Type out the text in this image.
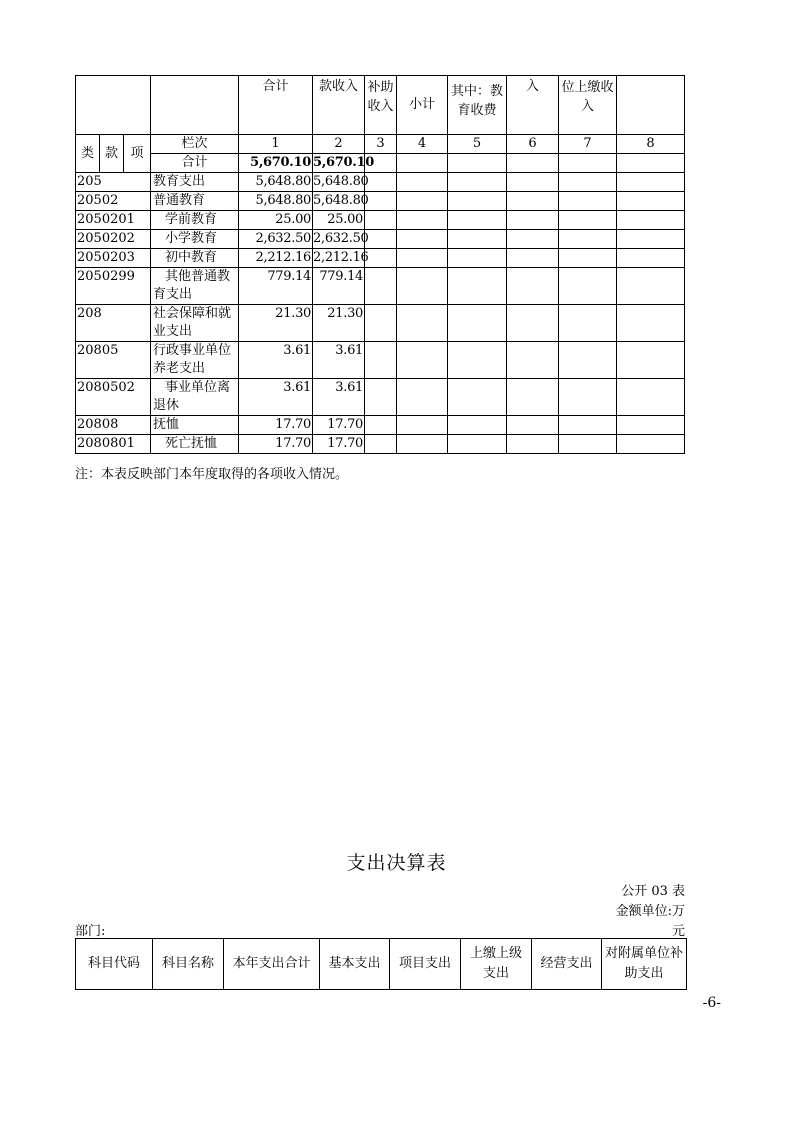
				合计	款收入	补助收入	小计	其中：教育收费	入	位上缴收入	
类	款	项	栏次	1	2	3	4	5	6	7	8
			合计	5,670.10	5,670.10						
205			教育支出	5,648.80	5,648.80						
20502			普通教育	5,648.80	5,648.80						
2050201			学前教育	25.00	25.00						
2050202			小学教育	2,632.50	2,632.50						
2050203			初中教育	2,212.16	2,212.16						
2050299			其他普通教育支出	779.14	779.14						
208			社会保障和就业支出	21.30	21.30						
20805			行政事业单位养老支出	3.61	3.61						
2080502			事业单位离退休	3.61	3.61						
20808			抚恤	17.70	17.70						
2080801			死亡抚恤	17.70	17.70						
注：本表反映部门本年度取得的各项收入情况。
支出决算表
公开 03 表
金额单位:万
元
部门:
科目代码	科目名称	本年支出合计	基本支出	项目支出	上缴上级支出	经营支出	对附属单位补助支出
-6-
